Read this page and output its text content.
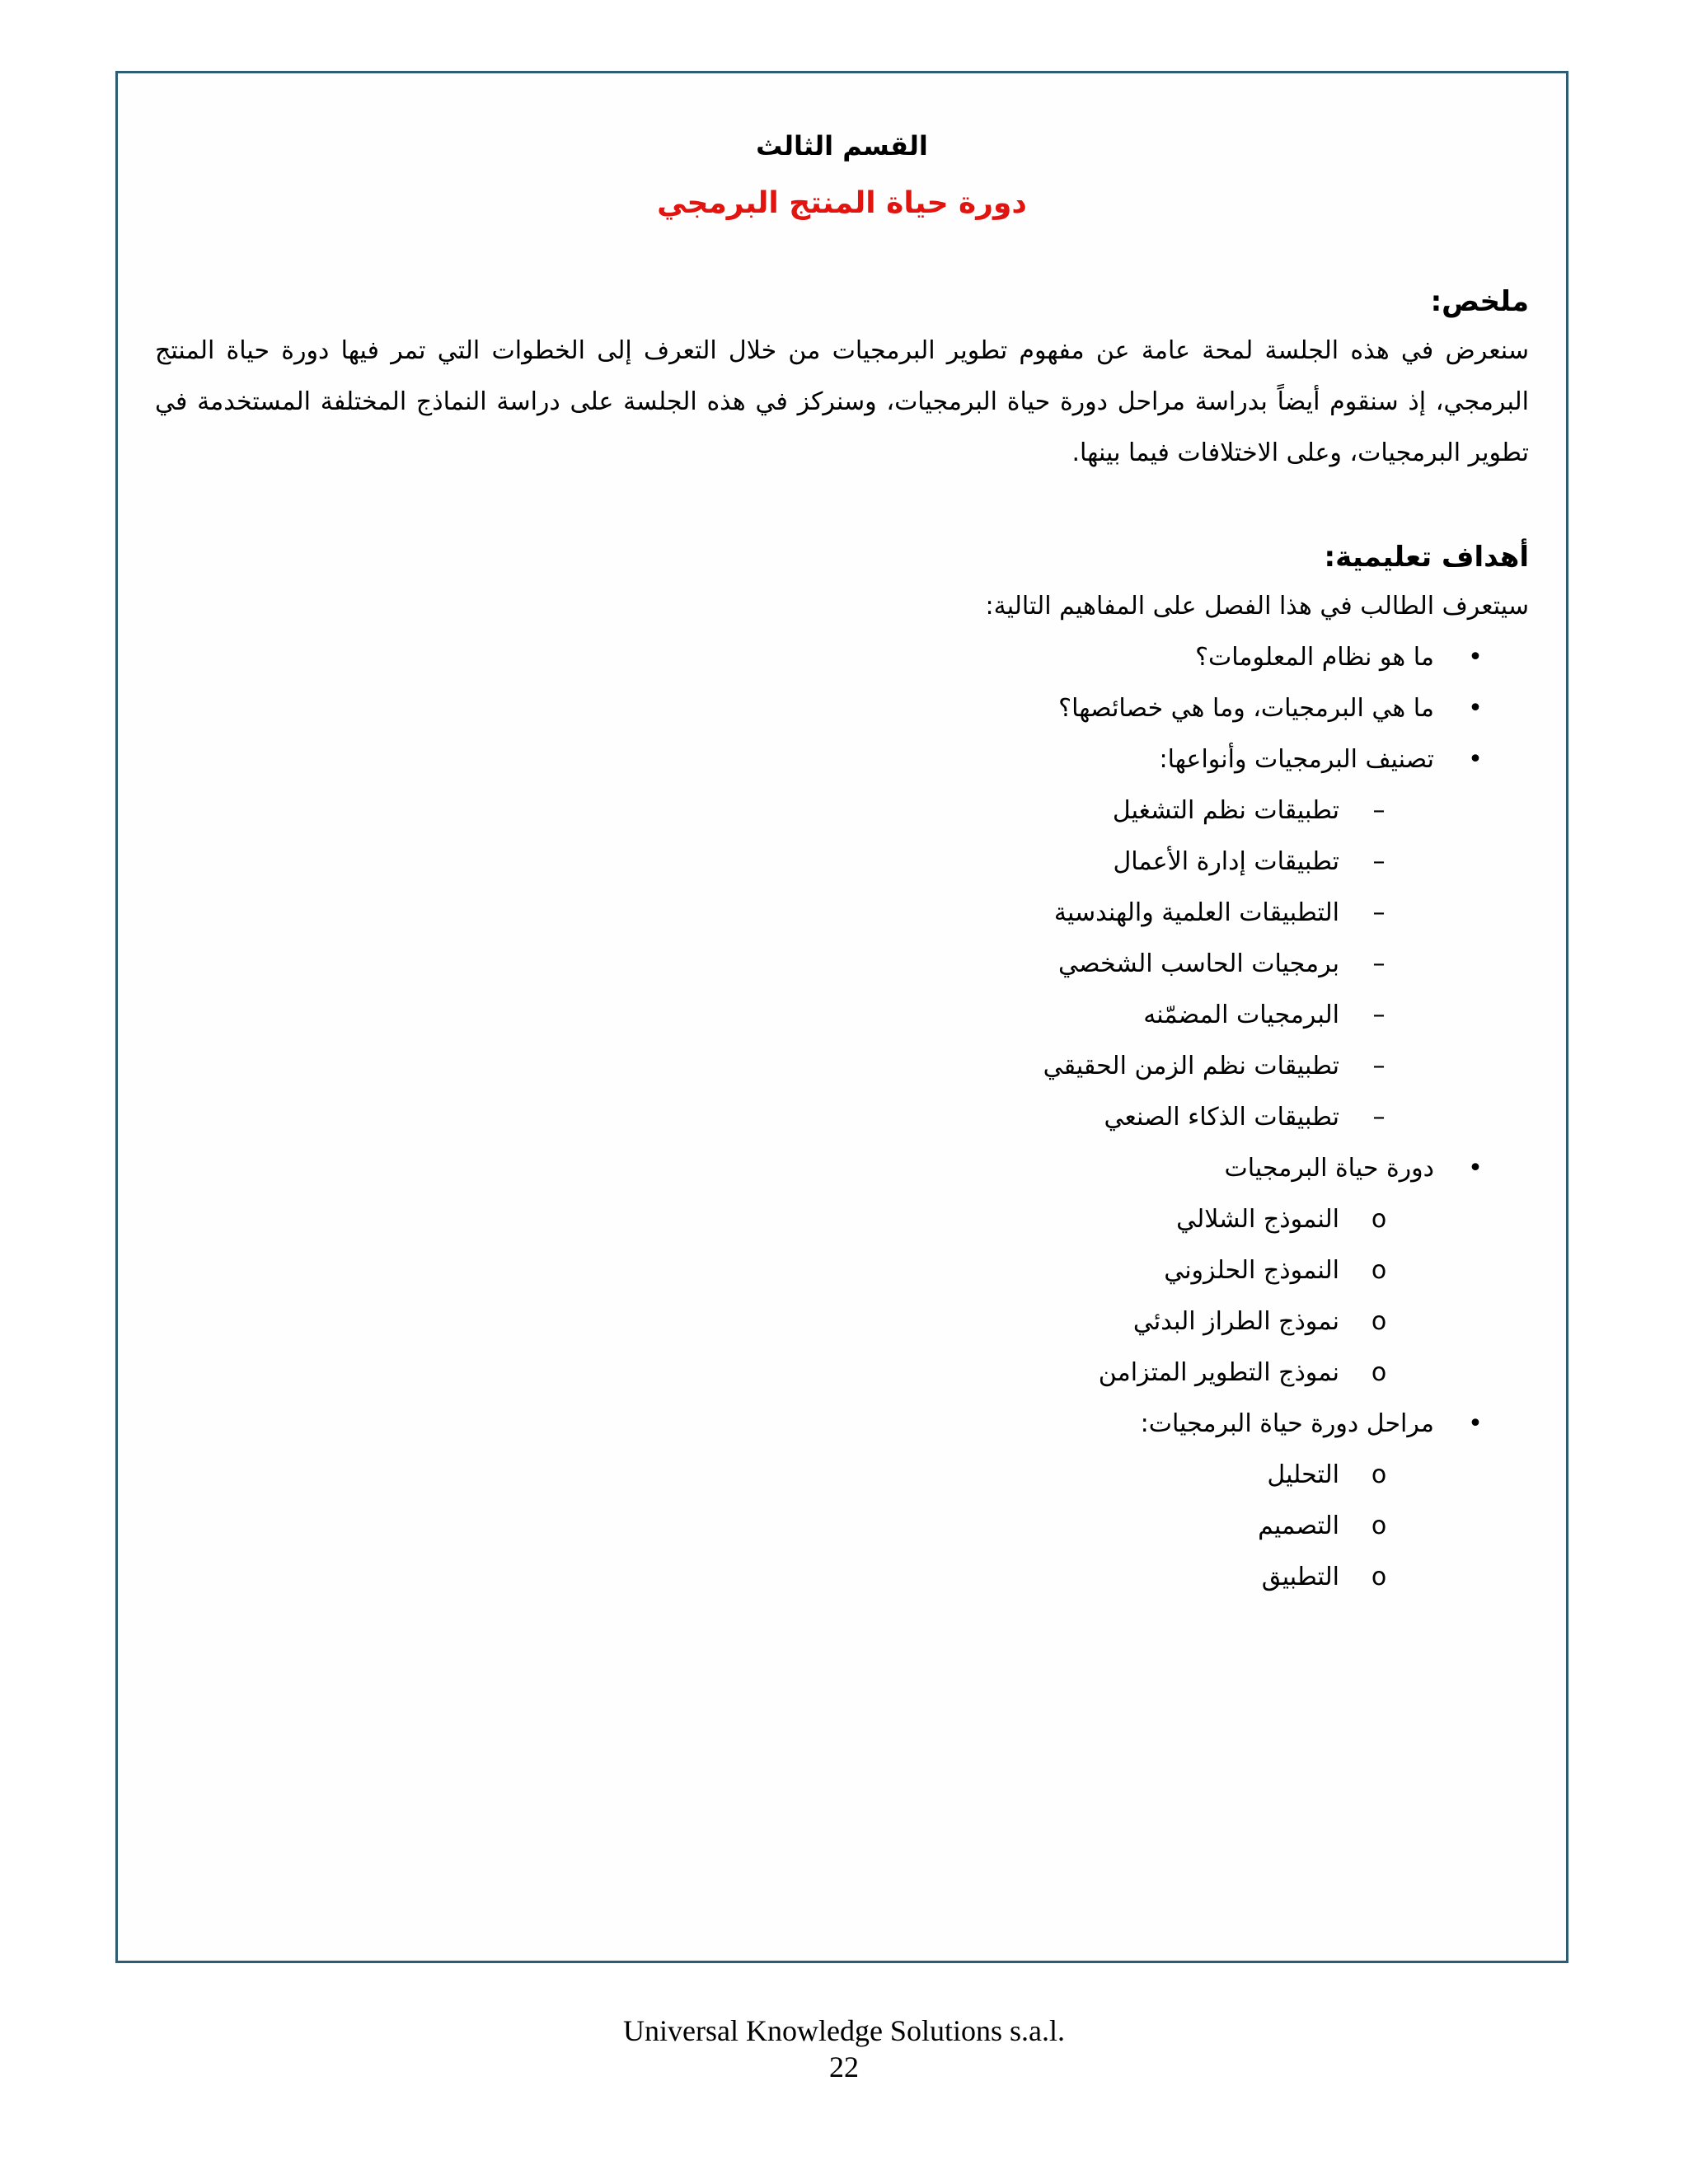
القسم الثالث

دورة حياة المنتج البرمجي

ملخص:

سنعرض في هذه الجلسة لمحة عامة عن مفهوم تطوير البرمجيات من خلال التعرف إلى الخطوات التي تمر فيها دورة حياة المنتج البرمجي، إذ سنقوم أيضاً بدراسة مراحل دورة حياة البرمجيات، وسنركز في هذه الجلسة على دراسة النماذج المختلفة المستخدمة في تطوير البرمجيات، وعلى الاختلافات فيما بينها.

أهداف تعليمية:

سيتعرف الطالب في هذا الفصل على المفاهيم التالية:

•
ما هو نظام المعلومات؟
•
ما هي البرمجيات، وما هي خصائصها؟
•
تصنيف البرمجيات وأنواعها:
–
تطبيقات نظم التشغيل
–
تطبيقات إدارة الأعمال
–
التطبيقات العلمية والهندسية
–
برمجيات الحاسب الشخصي
–
البرمجيات المضمّنه
–
تطبيقات نظم الزمن الحقيقي
–
تطبيقات الذكاء الصنعي
•
دورة حياة البرمجيات
o
النموذج الشلالي
o
النموذج الحلزوني
o
نموذج الطراز البدئي
o
نموذج التطوير المتزامن
•
مراحل دورة حياة البرمجيات:
o
التحليل
o
التصميم
o
التطبيق
Universal Knowledge Solutions s.a.l.
22
